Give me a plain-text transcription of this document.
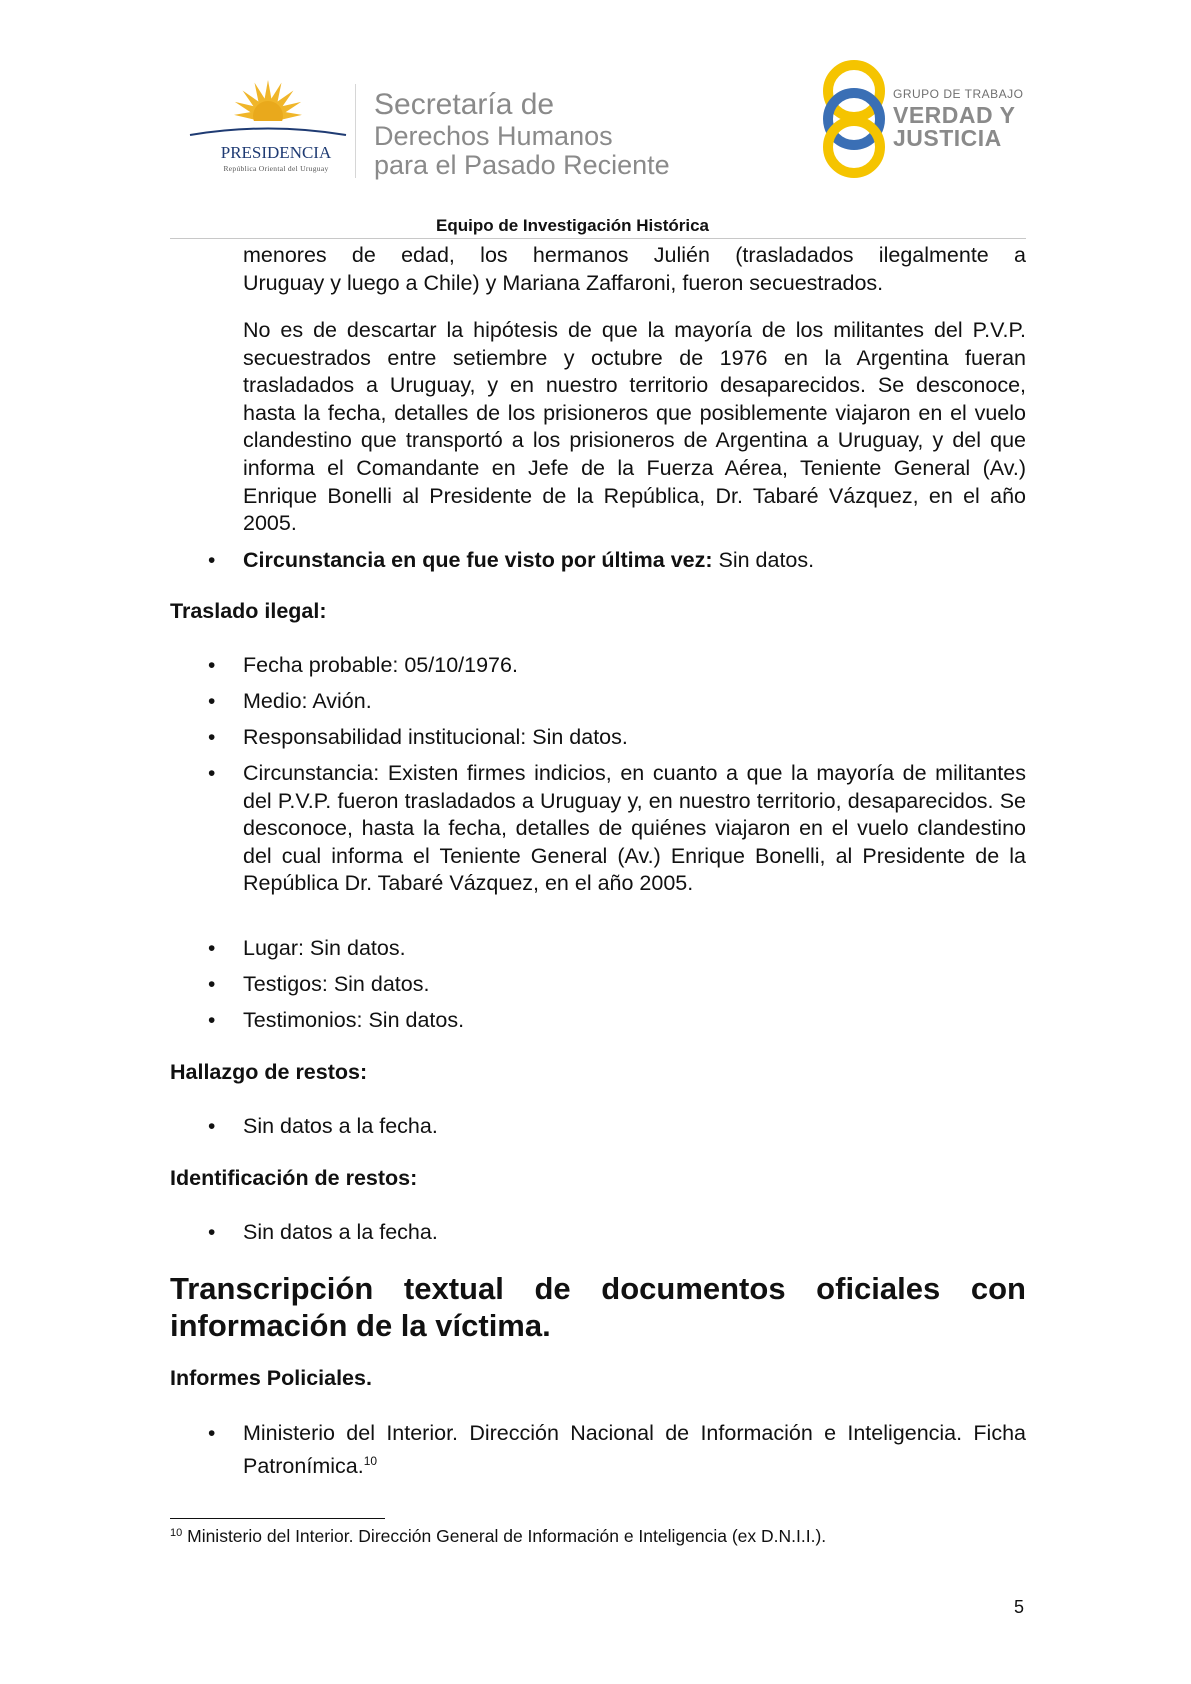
PRESIDENCIA
República Oriental del Uruguay
Secretaría de
Derechos Humanos
para el Pasado Reciente
GRUPO DE TRABAJO
VERDAD Y
JUSTICIA
Equipo de Investigación Histórica
menores de edad, los hermanos Julién (trasladados ilegalmente a
Uruguay y luego a Chile) y Mariana Zaffaroni, fueron secuestrados.
No es de descartar la hipótesis de que la mayoría de los militantes del P.V.P. secuestrados entre setiembre y octubre de 1976 en la Argentina fueran trasladados a Uruguay, y en nuestro territorio desaparecidos. Se desconoce, hasta la fecha, detalles de los prisioneros que posiblemente viajaron en el vuelo clandestino que transportó a los prisioneros de Argentina a Uruguay, y del que informa el Comandante en Jefe de la Fuerza Aérea, Teniente General (Av.) Enrique Bonelli al Presidente de la República, Dr. Tabaré Vázquez, en el año 2005.
• Circunstancia en que fue visto por última vez: Sin datos.
Traslado ilegal:
• Fecha probable: 05/10/1976.
• Medio: Avión.
• Responsabilidad institucional: Sin datos.
• Circunstancia: Existen firmes indicios, en cuanto a que la mayoría de militantes del P.V.P. fueron trasladados a Uruguay y, en nuestro territorio, desaparecidos. Se desconoce, hasta la fecha, detalles de quiénes viajaron en el vuelo clandestino del cual informa el Teniente General (Av.) Enrique Bonelli, al Presidente de la República Dr. Tabaré Vázquez, en el año 2005.
• Lugar: Sin datos.
• Testigos: Sin datos.
• Testimonios: Sin datos.
Hallazgo de restos:
• Sin datos a la fecha.
Identificación de restos:
• Sin datos a la fecha.
Transcripción textual de documentos oficiales con información de la víctima.
Informes Policiales.
• Ministerio del Interior. Dirección Nacional de Información e Inteligencia. Ficha Patronímica.$^{10}$
$^{10}$ Ministerio del Interior. Dirección General de Información e Inteligencia (ex D.N.I.I.).
5
